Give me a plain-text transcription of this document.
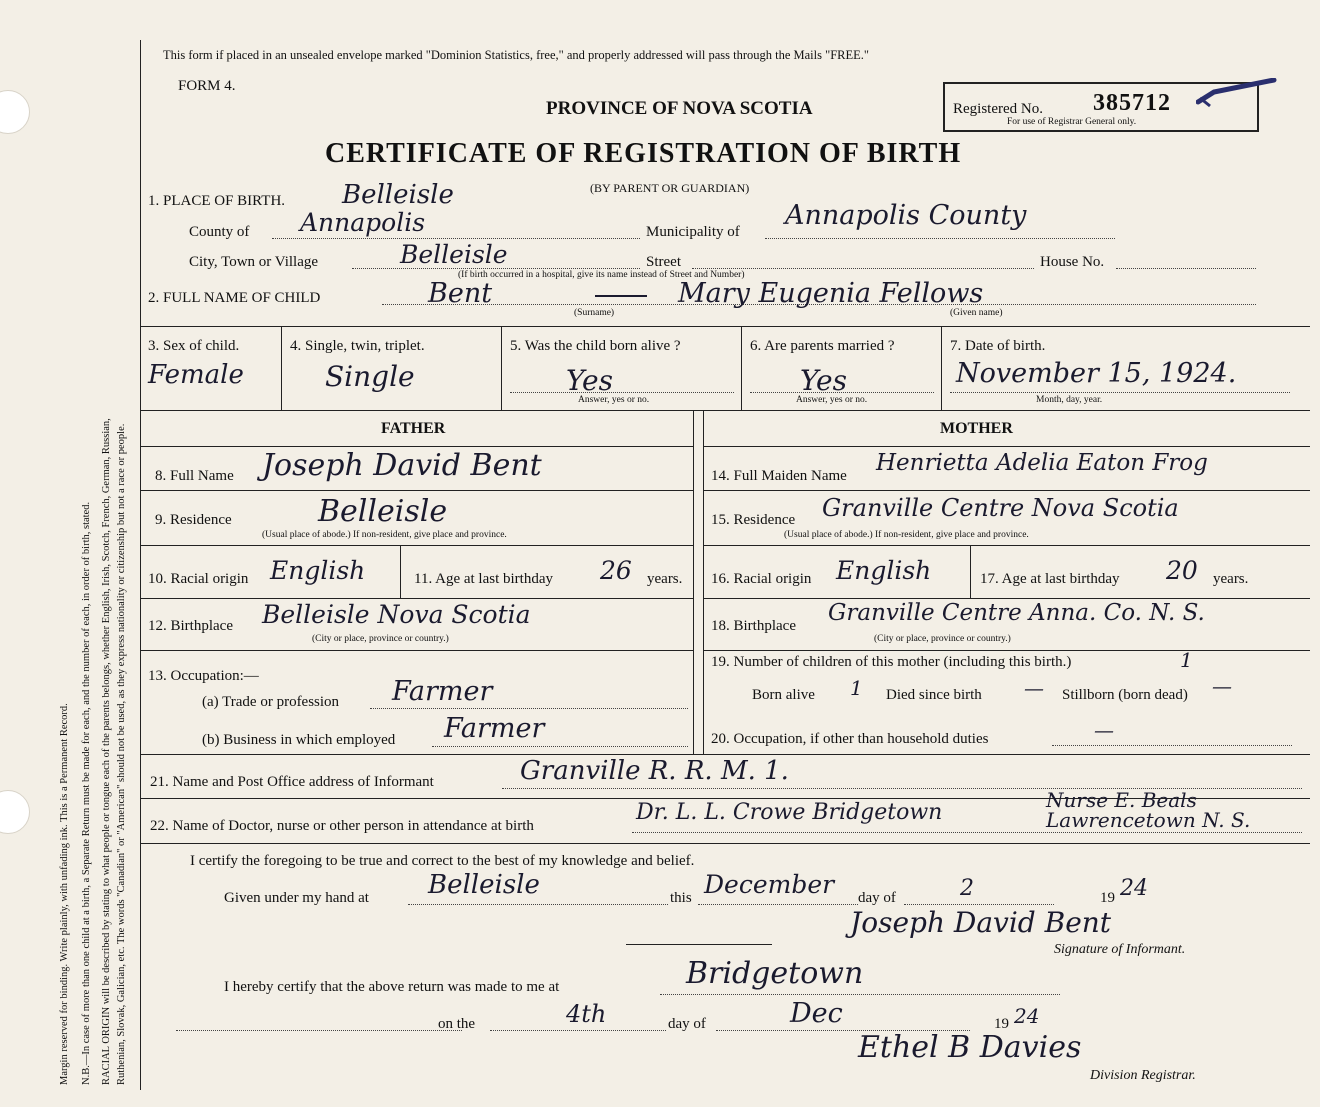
Margin reserved for binding. Write plainly, with unfading ink. This is a Permanent Record. N.B.—In case of more than one child at a birth, a Separate Return must be made for each, and the number of each, in order of birth, stated. RACIAL ORIGIN will be described by stating to what people or tongue each of the parents belongs, whether English, Irish, Scotch, French, German, Russian, Ruthenian, Slovak, Galician, etc. The words "Canadian" or "American" should not be used, as they express nationality or citizenship but not a race or people.
This form if placed in an unsealed envelope marked "Dominion Statistics, free," and properly addressed will pass through the Mails "FREE."
FORM 4.
PROVINCE OF NOVA SCOTIA
CERTIFICATE OF REGISTRATION OF BIRTH
(BY PARENT OR GUARDIAN)
Registered No. 385712
For use of Registrar General only.
1. PLACE OF BIRTH. Belleisle
County of Annapolis	Municipality of
Annapolis County
City, Town or Village	Belleisle	Street	House No.
(If birth occurred in a hospital, give its name instead of Street and Number)
2. FULL NAME OF CHILD	Bent	Mary Eugenia Fellows
(Surname)	(Given name)
3. Sex of child.
Female
4. Single, twin, triplet.
Single
5. Was the child born alive ?
Yes
Answer, yes or no.
6. Are parents married ?
Yes
Answer, yes or no.
7. Date of birth.
November 15, 1924.
Month, day, year.
FATHER	MOTHER
8. Full Name Joseph David Bent
9. Residence	Belleisle
(Usual place of abode.) If non-resident, give place and province.
10. Racial origin English	11. Age at last birthday 26 years.
12. Birthplace Belleisle Nova Scotia
(City or place, province or country.)
13. Occupation:—
(a) Trade or profession Farmer
(b) Business in which employed Farmer
14. Full Maiden Name Henrietta Adelia Eaton Frog
15. Residence Granville Centre Nova Scotia
(Usual place of abode.) If non-resident, give place and province.
16. Racial origin English	17. Age at last birthday 20 years.
18. Birthplace Granville Centre Anna. Co. N. S.
(City or place, province or country.)
19. Number of children of this mother (including this birth.)	1
Born alive 1 Died since birth — Stillborn (born dead) —
20. Occupation, if other than household duties	—
21. Name and Post Office address of Informant	Granville R. R. M. 1.
22. Name of Doctor, nurse or other person in attendance at birth
Dr. L. L. Crowe Bridgetown	Nurse E. Beals
Lawrencetown N. S.
I certify the foregoing to be true and correct to the best of my knowledge and belief.
Given under my hand at Belleisle	this December day of	2	19 24
Joseph David Bent
Signature of Informant.
I hereby certify that the above return was made to me at	Bridgetown
on the	4th	day of	Dec	19 24
Ethel B Davies
Division Registrar.
